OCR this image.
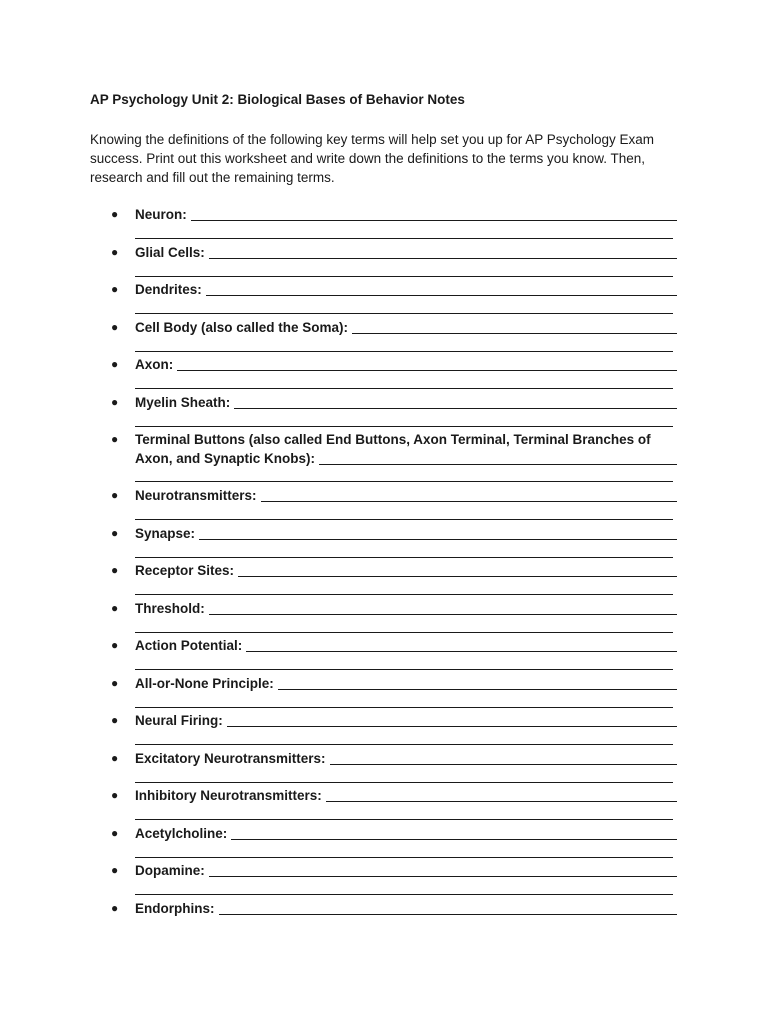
AP Psychology Unit 2: Biological Bases of Behavior Notes
Knowing the definitions of the following key terms will help set you up for AP Psychology Exam success. Print out this worksheet and write down the definitions to the terms you know. Then, research and fill out the remaining terms.
● Neuron:
● Glial Cells:
● Dendrites:
● Cell Body (also called the Soma):
● Axon:
● Myelin Sheath:
● Terminal Buttons (also called End Buttons, Axon Terminal, Terminal Branches of
Axon, and Synaptic Knobs):
● Neurotransmitters:
● Synapse:
● Receptor Sites:
● Threshold:
● Action Potential:
● All-or-None Principle:
● Neural Firing:
● Excitatory Neurotransmitters:
● Inhibitory Neurotransmitters:
● Acetylcholine:
● Dopamine:
● Endorphins:
